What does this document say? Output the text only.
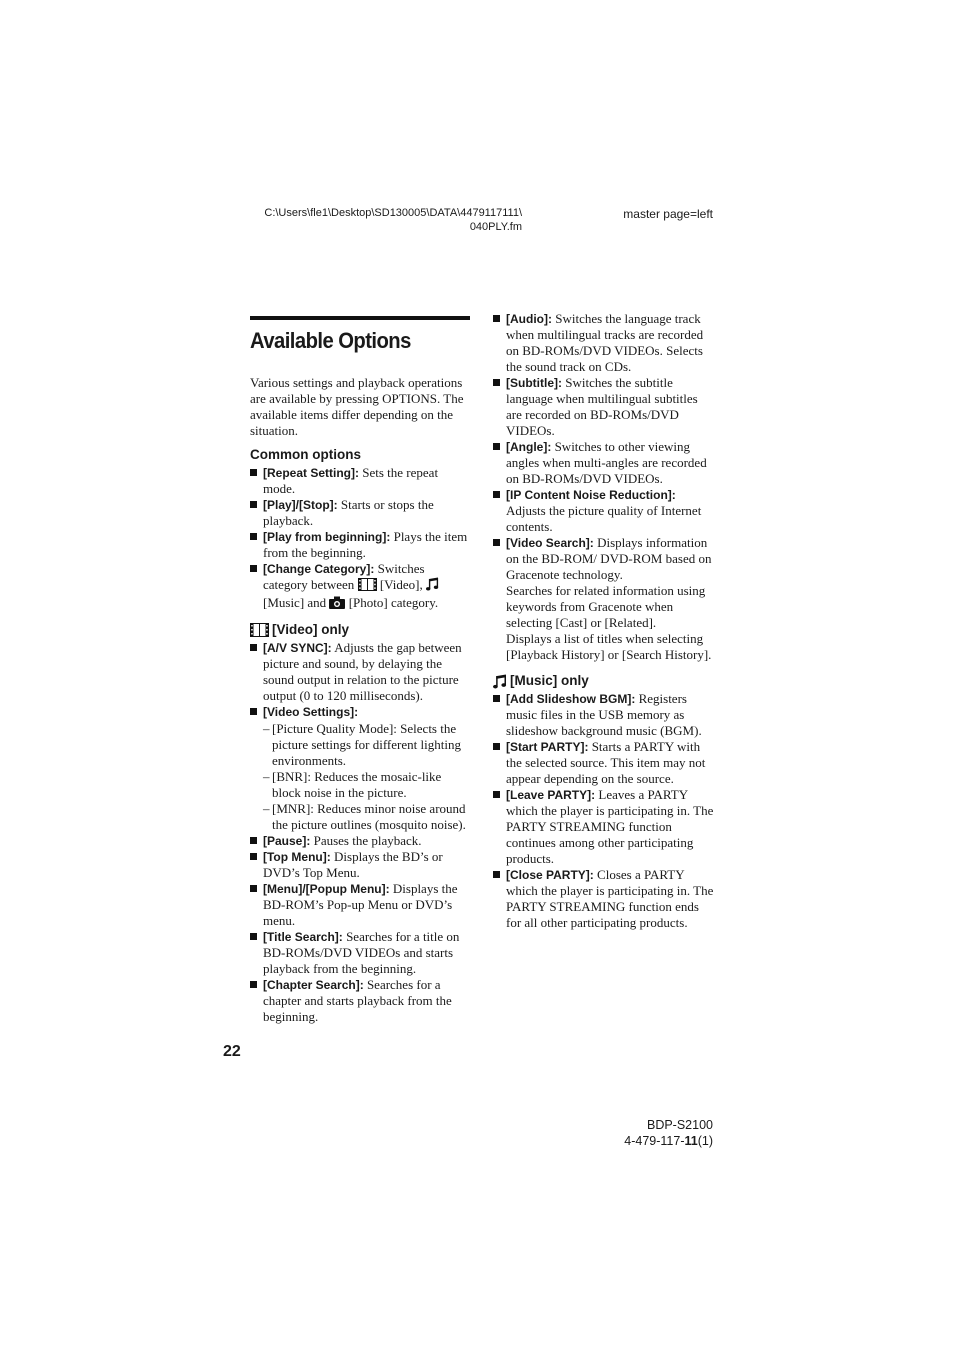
C:\Users\fle1\Desktop\SD130005\DATA\4479117111\
040PLY.fm
master page=left
Available Options

Various settings and playback operations are available by pressing OPTIONS. The available items differ depending on the situation.

Common options
[Repeat Setting]: Sets the repeat mode.
[Play]/[Stop]: Starts or stops the playback.
[Play from beginning]: Plays the item from the beginning.
[Change Category]: Switches category between [Video],  [Music] and [Photo] category.
[Video] only
[A/V SYNC]: Adjusts the gap between picture and sound, by delaying the sound output in relation to the picture output (0 to 120 milliseconds).
[Video Settings]:
– [Picture Quality Mode]: Selects the picture settings for different lighting environments.
– [BNR]: Reduces the mosaic-like block noise in the picture.
– [MNR]: Reduces minor noise around the picture outlines (mosquito noise).
[Pause]: Pauses the playback.
[Top Menu]: Displays the BD’s or DVD’s Top Menu.
[Menu]/[Popup Menu]: Displays the BD-ROM’s Pop-up Menu or DVD’s menu.
[Title Search]: Searches for a title on BD-ROMs/DVD VIDEOs and starts playback from the beginning.
[Chapter Search]: Searches for a chapter and starts playback from the beginning.
[Audio]: Switches the language track when multilingual tracks are recorded on BD-ROMs/DVD VIDEOs. Selects the sound track on CDs.
[Subtitle]: Switches the subtitle language when multilingual subtitles are recorded on BD-ROMs/DVD VIDEOs.
[Angle]: Switches to other viewing angles when multi-angles are recorded on BD-ROMs/DVD VIDEOs.
[IP Content Noise Reduction]: Adjusts the picture quality of Internet contents.
[Video Search]: Displays information on the BD-ROM/ DVD-ROM based on Gracenote technology.
Searches for related information using keywords from Gracenote when selecting [Cast] or [Related].
Displays a list of titles when selecting [Playback History] or [Search History].
[Music] only
[Add Slideshow BGM]: Registers music files in the USB memory as slideshow background music (BGM).
[Start PARTY]: Starts a PARTY with the selected source. This item may not appear depending on the source.
[Leave PARTY]: Leaves a PARTY which the player is participating in. The PARTY STREAMING function continues among other participating products.
[Close PARTY]: Closes a PARTY which the player is participating in. The PARTY STREAMING function ends for all other participating products.
22
BDP-S2100
4-479-117-11(1)
